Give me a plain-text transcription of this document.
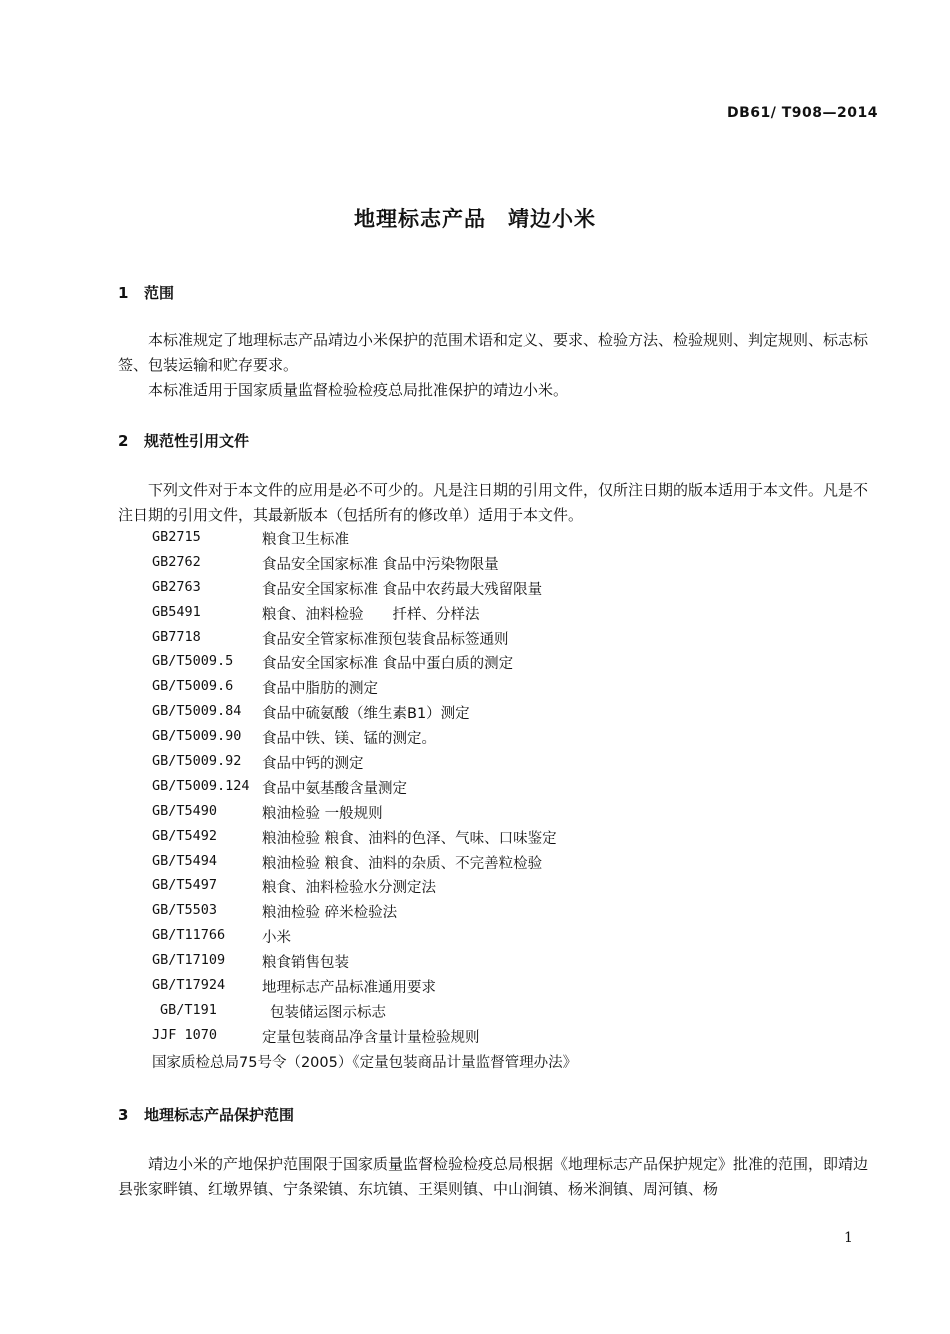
DB61/ T908—2014
地理标志产品　靖边小米
1 范围

本标准规定了地理标志产品靖边小米保护的范围术语和定义、要求、检验方法、检验规则、判定规则、标志标签、包装运输和贮存要求。

本标准适用于国家质量监督检验检疫总局批准保护的靖边小米。

2 规范性引用文件

下列文件对于本文件的应用是必不可少的。凡是注日期的引用文件，仅所注日期的版本适用于本文件。凡是不注日期的引用文件，其最新版本（包括所有的修改单）适用于本文件。

GB2715	粮食卫生标准
GB2762	食品安全国家标准 食品中污染物限量
GB2763	食品安全国家标准 食品中农药最大残留限量
GB5491	粮食、油料检验　　扦样、分样法
GB7718	食品安全管家标准预包装食品标签通则
GB/T5009.5 食品安全国家标准 食品中蛋白质的测定
GB/T5009.6 食品中脂肪的测定
GB/T5009.84 食品中硫氨酸（维生素B1）测定
GB/T5009.90 食品中铁、镁、锰的测定。
GB/T5009.92 食品中钙的测定
GB/T5009.124 食品中氨基酸含量测定
GB/T5490	粮油检验 一般规则
GB/T5492	粮油检验 粮食、油料的色泽、气味、口味鉴定
GB/T5494	粮油检验 粮食、油料的杂质、不完善粒检验
GB/T5497	粮食、油料检验水分测定法
GB/T5503	粮油检验 碎米检验法
GB/T11766	小米
GB/T17109	粮食销售包装
GB/T17924	地理标志产品标准通用要求
GB/T191	包装储运图示标志
JJF 1070	定量包装商品净含量计量检验规则
国家质检总局75号令（2005）《定量包装商品计量监督管理办法》
3 地理标志产品保护范围

靖边小米的产地保护范围限于国家质量监督检验检疫总局根据《地理标志产品保护规定》批准的范围，即靖边县张家畔镇、红墩界镇、宁条梁镇、东坑镇、王渠则镇、中山涧镇、杨米涧镇、周河镇、杨

1
